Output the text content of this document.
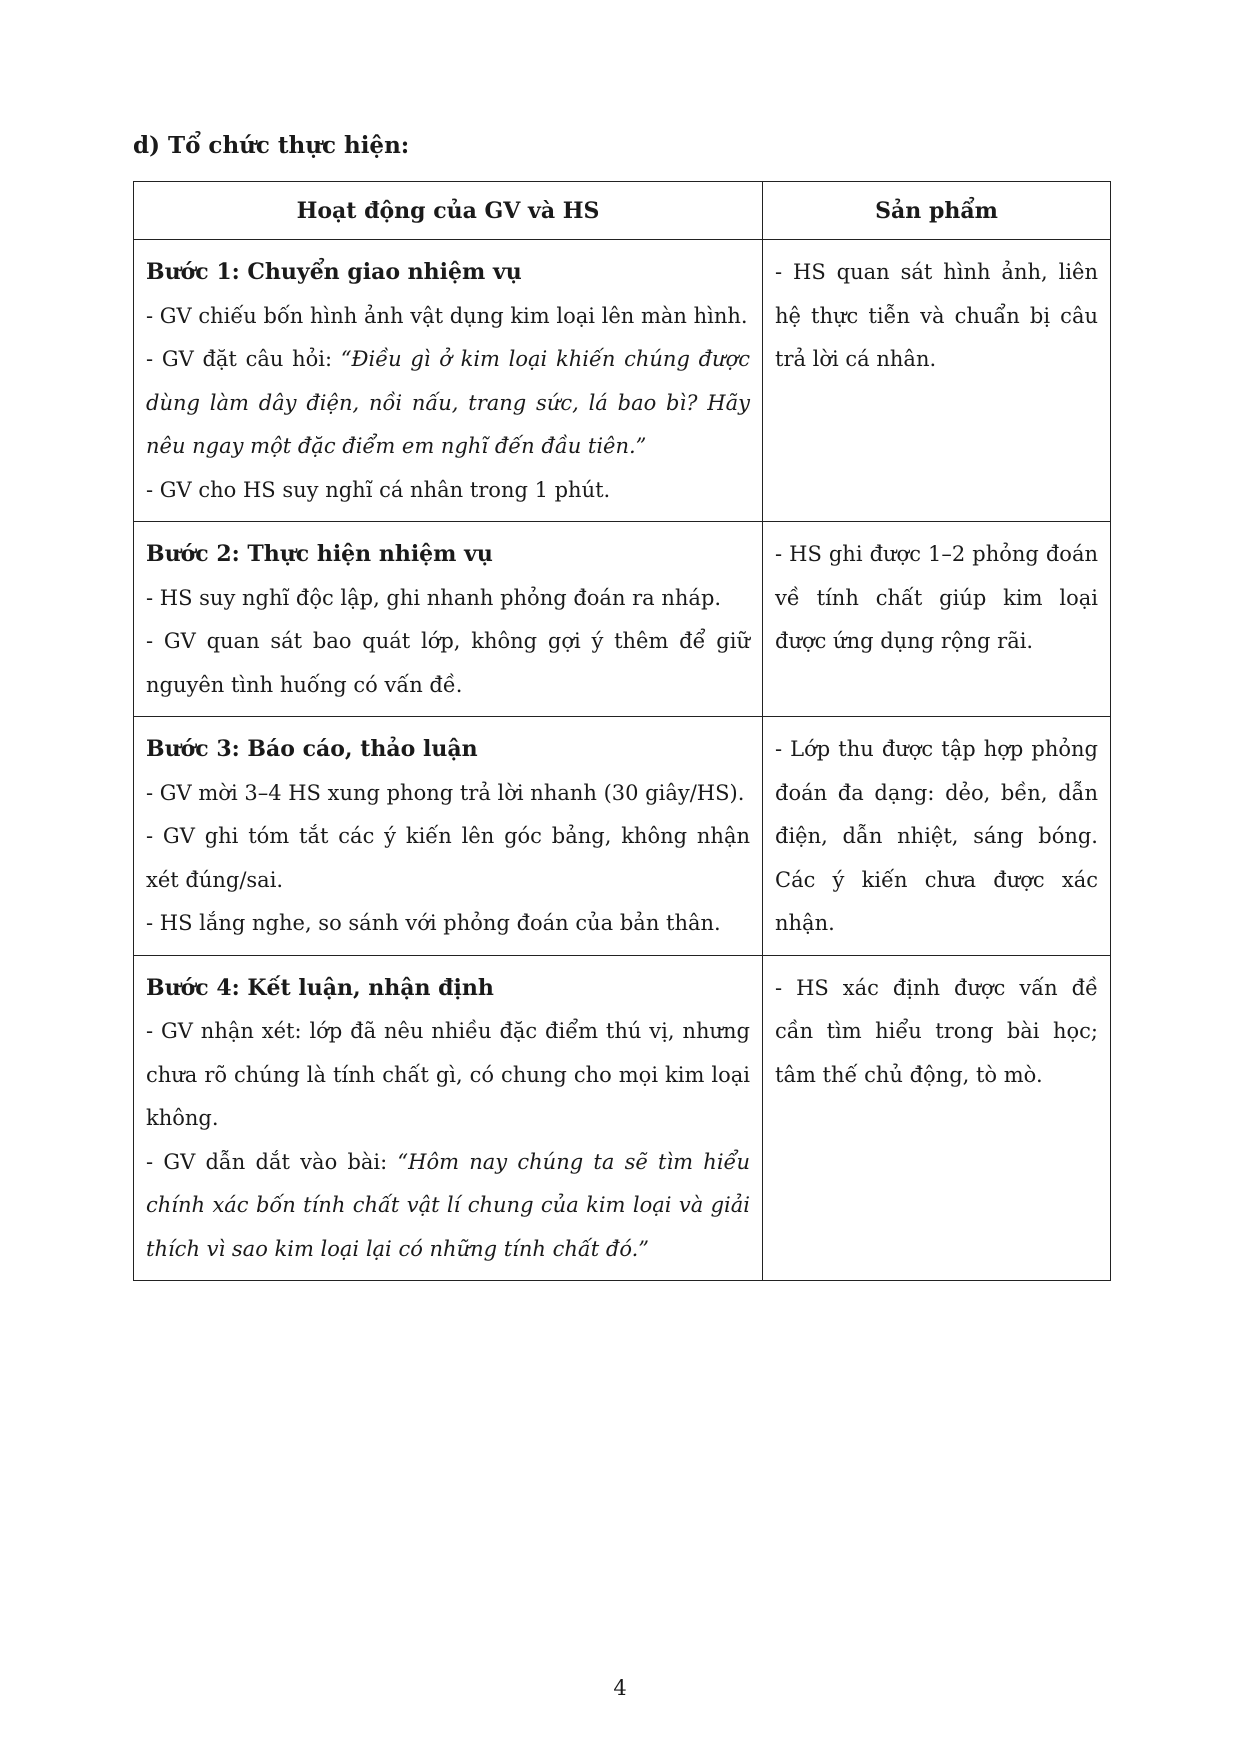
d) Tổ chức thực hiện:
Hoạt động của GV và HS	Sản phẩm

Bước 1: Chuyển giao nhiệm vụ
- GV chiếu bốn hình ảnh vật dụng kim loại lên màn hình.
- GV đặt câu hỏi: “Điều gì ở kim loại khiến chúng được dùng làm dây điện, nồi nấu, trang sức, lá bao bì? Hãy nêu ngay một đặc điểm em nghĩ đến đầu tiên.”
- GV cho HS suy nghĩ cá nhân trong 1 phút.	- HS quan sát hình ảnh, liên hệ thực tiễn và chuẩn bị câu trả lời cá nhân.

Bước 2: Thực hiện nhiệm vụ
- HS suy nghĩ độc lập, ghi nhanh phỏng đoán ra nháp.
- GV quan sát bao quát lớp, không gợi ý thêm để giữ nguyên tình huống có vấn đề.	- HS ghi được 1–2 phỏng đoán về tính chất giúp kim loại được ứng dụng rộng rãi.

Bước 3: Báo cáo, thảo luận
- GV mời 3–4 HS xung phong trả lời nhanh (30 giây/HS).
- GV ghi tóm tắt các ý kiến lên góc bảng, không nhận xét đúng/sai.
- HS lắng nghe, so sánh với phỏng đoán của bản thân.	- Lớp thu được tập hợp phỏng đoán đa dạng: dẻo, bền, dẫn điện, dẫn nhiệt, sáng bóng. Các ý kiến chưa được xác nhận.

Bước 4: Kết luận, nhận định
- GV nhận xét: lớp đã nêu nhiều đặc điểm thú vị, nhưng chưa rõ chúng là tính chất gì, có chung cho mọi kim loại không.
- GV dẫn dắt vào bài: “Hôm nay chúng ta sẽ tìm hiểu chính xác bốn tính chất vật lí chung của kim loại và giải thích vì sao kim loại lại có những tính chất đó.”	- HS xác định được vấn đề cần tìm hiểu trong bài học; tâm thế chủ động, tò mò.
4
